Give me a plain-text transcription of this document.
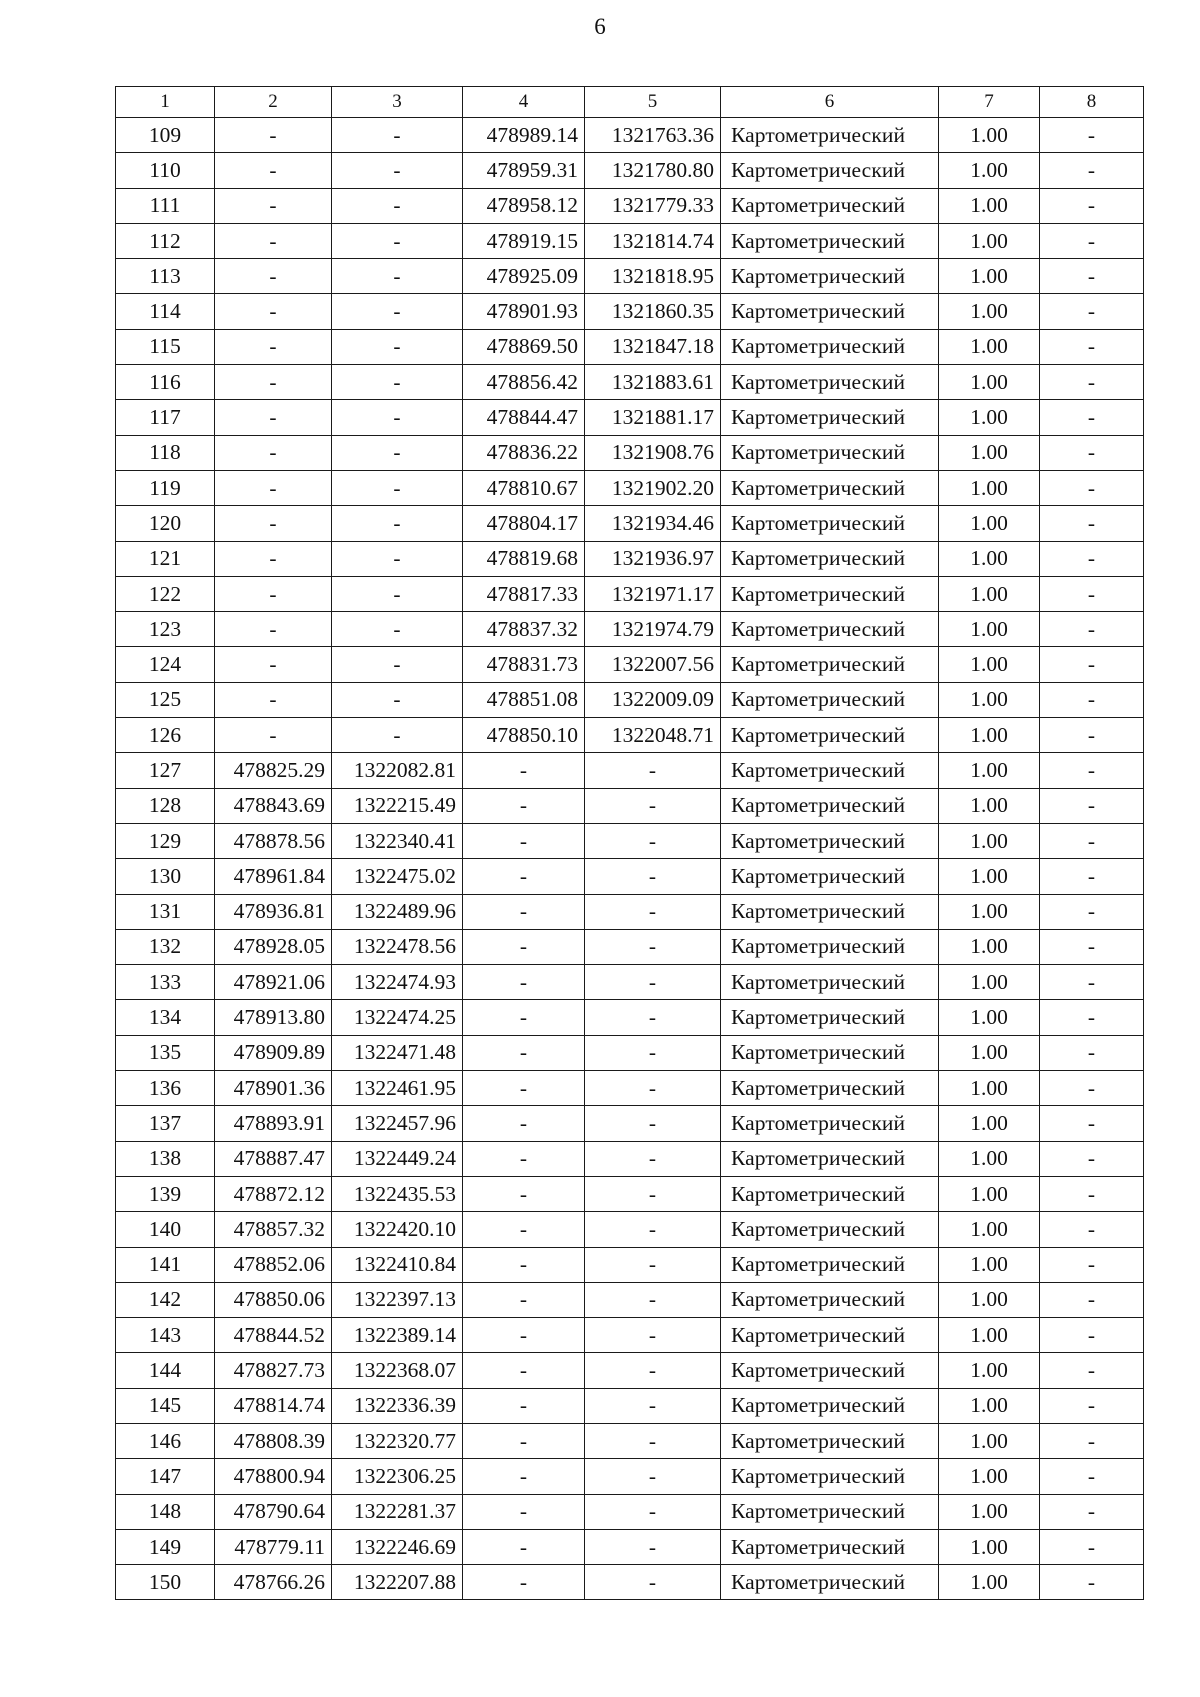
6
1	2	3	4	5	6	7	8
109	-	-	478989.14	1321763.36	Картометрический	1.00	-
110	-	-	478959.31	1321780.80	Картометрический	1.00	-
111	-	-	478958.12	1321779.33	Картометрический	1.00	-
112	-	-	478919.15	1321814.74	Картометрический	1.00	-
113	-	-	478925.09	1321818.95	Картометрический	1.00	-
114	-	-	478901.93	1321860.35	Картометрический	1.00	-
115	-	-	478869.50	1321847.18	Картометрический	1.00	-
116	-	-	478856.42	1321883.61	Картометрический	1.00	-
117	-	-	478844.47	1321881.17	Картометрический	1.00	-
118	-	-	478836.22	1321908.76	Картометрический	1.00	-
119	-	-	478810.67	1321902.20	Картометрический	1.00	-
120	-	-	478804.17	1321934.46	Картометрический	1.00	-
121	-	-	478819.68	1321936.97	Картометрический	1.00	-
122	-	-	478817.33	1321971.17	Картометрический	1.00	-
123	-	-	478837.32	1321974.79	Картометрический	1.00	-
124	-	-	478831.73	1322007.56	Картометрический	1.00	-
125	-	-	478851.08	1322009.09	Картометрический	1.00	-
126	-	-	478850.10	1322048.71	Картометрический	1.00	-
127	478825.29	1322082.81	-	-	Картометрический	1.00	-
128	478843.69	1322215.49	-	-	Картометрический	1.00	-
129	478878.56	1322340.41	-	-	Картометрический	1.00	-
130	478961.84	1322475.02	-	-	Картометрический	1.00	-
131	478936.81	1322489.96	-	-	Картометрический	1.00	-
132	478928.05	1322478.56	-	-	Картометрический	1.00	-
133	478921.06	1322474.93	-	-	Картометрический	1.00	-
134	478913.80	1322474.25	-	-	Картометрический	1.00	-
135	478909.89	1322471.48	-	-	Картометрический	1.00	-
136	478901.36	1322461.95	-	-	Картометрический	1.00	-
137	478893.91	1322457.96	-	-	Картометрический	1.00	-
138	478887.47	1322449.24	-	-	Картометрический	1.00	-
139	478872.12	1322435.53	-	-	Картометрический	1.00	-
140	478857.32	1322420.10	-	-	Картометрический	1.00	-
141	478852.06	1322410.84	-	-	Картометрический	1.00	-
142	478850.06	1322397.13	-	-	Картометрический	1.00	-
143	478844.52	1322389.14	-	-	Картометрический	1.00	-
144	478827.73	1322368.07	-	-	Картометрический	1.00	-
145	478814.74	1322336.39	-	-	Картометрический	1.00	-
146	478808.39	1322320.77	-	-	Картометрический	1.00	-
147	478800.94	1322306.25	-	-	Картометрический	1.00	-
148	478790.64	1322281.37	-	-	Картометрический	1.00	-
149	478779.11	1322246.69	-	-	Картометрический	1.00	-
150	478766.26	1322207.88	-	-	Картометрический	1.00	-
